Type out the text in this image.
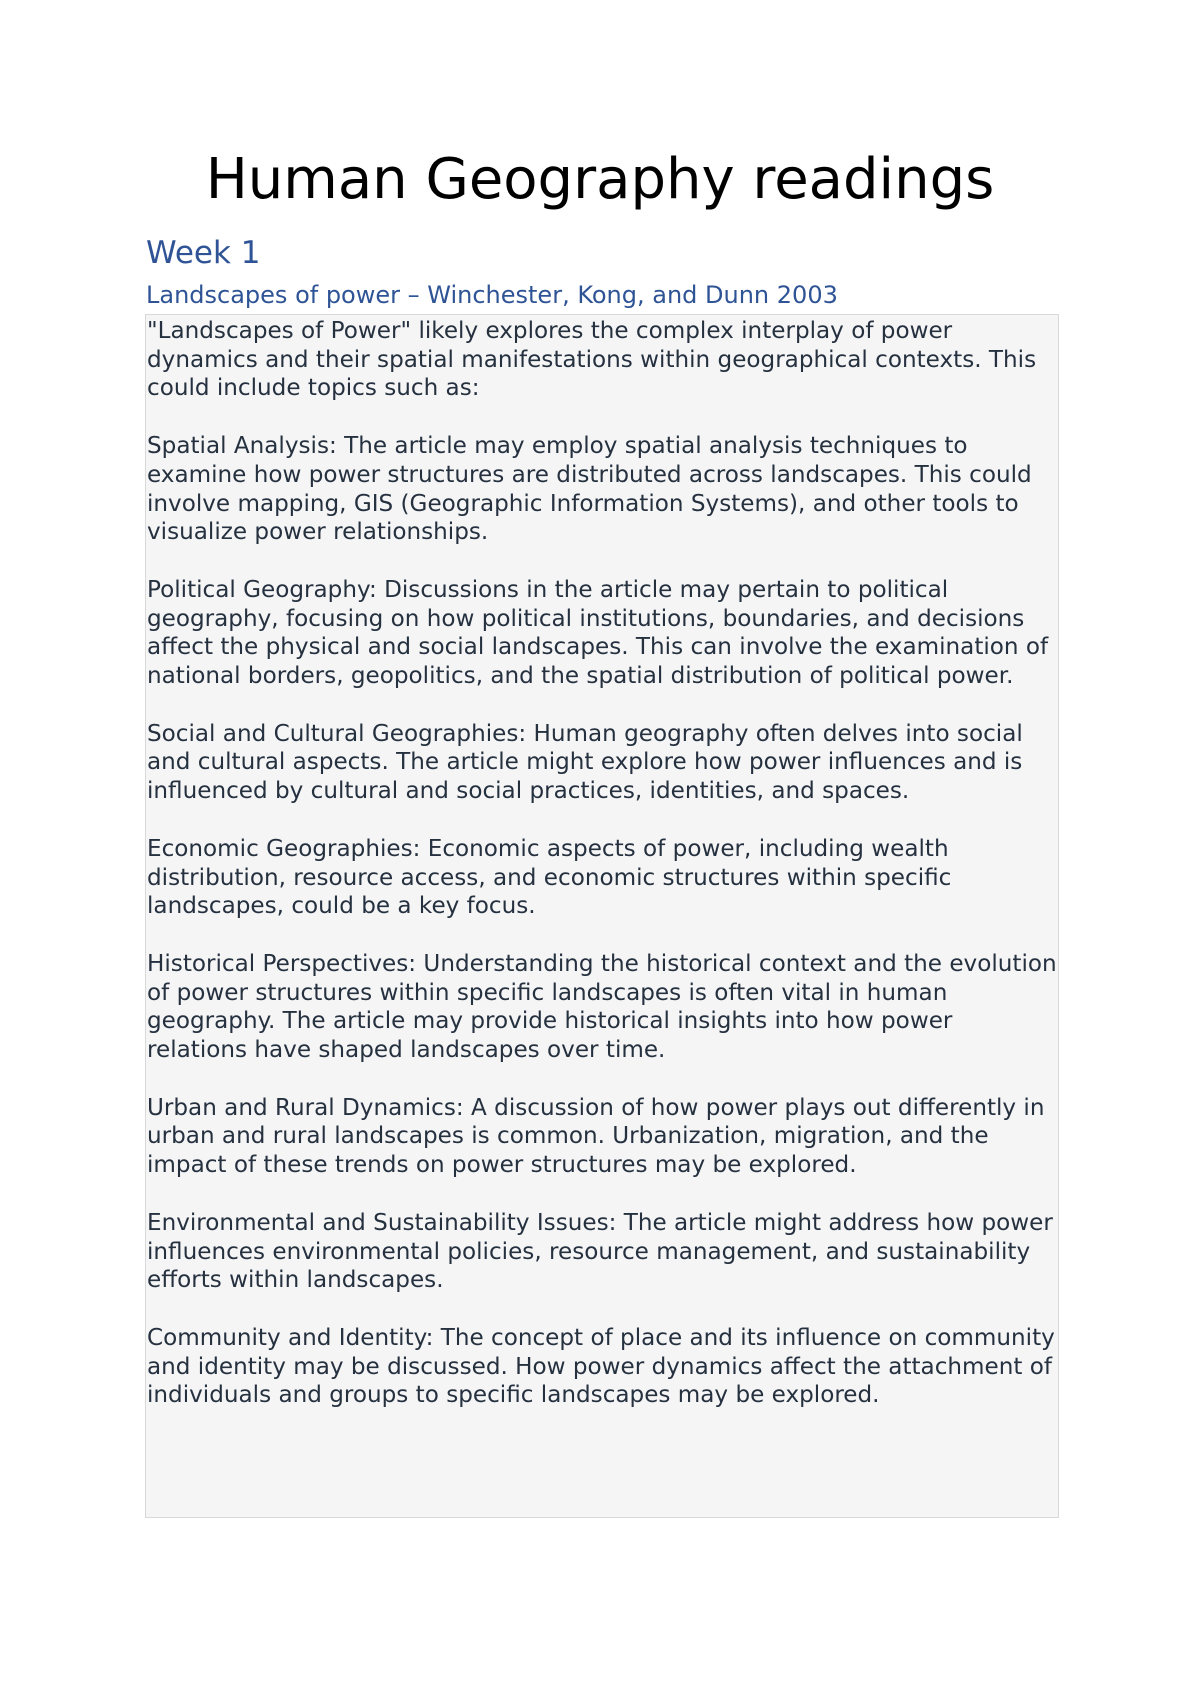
Human Geography readings
Week 1
Landscapes of power – Winchester, Kong, and Dunn 2003

"Landscapes of Power" likely explores the complex interplay of power dynamics and their spatial manifestations within geographical contexts. This could include topics such as:

Spatial Analysis: The article may employ spatial analysis techniques to examine how power structures are distributed across landscapes. This could involve mapping, GIS (Geographic Information Systems), and other tools to visualize power relationships.

Political Geography: Discussions in the article may pertain to political geography, focusing on how political institutions, boundaries, and decisions affect the physical and social landscapes. This can involve the examination of national borders, geopolitics, and the spatial distribution of political power.

Social and Cultural Geographies: Human geography often delves into social and cultural aspects. The article might explore how power influences and is influenced by cultural and social practices, identities, and spaces.

Economic Geographies: Economic aspects of power, including wealth distribution, resource access, and economic structures within specific landscapes, could be a key focus.

Historical Perspectives: Understanding the historical context and the evolution of power structures within specific landscapes is often vital in human geography. The article may provide historical insights into how power relations have shaped landscapes over time.

Urban and Rural Dynamics: A discussion of how power plays out differently in urban and rural landscapes is common. Urbanization, migration, and the impact of these trends on power structures may be explored.

Environmental and Sustainability Issues: The article might address how power influences environmental policies, resource management, and sustainability efforts within landscapes.

Community and Identity: The concept of place and its influence on community and identity may be discussed. How power dynamics affect the attachment of individuals and groups to specific landscapes may be explored.
